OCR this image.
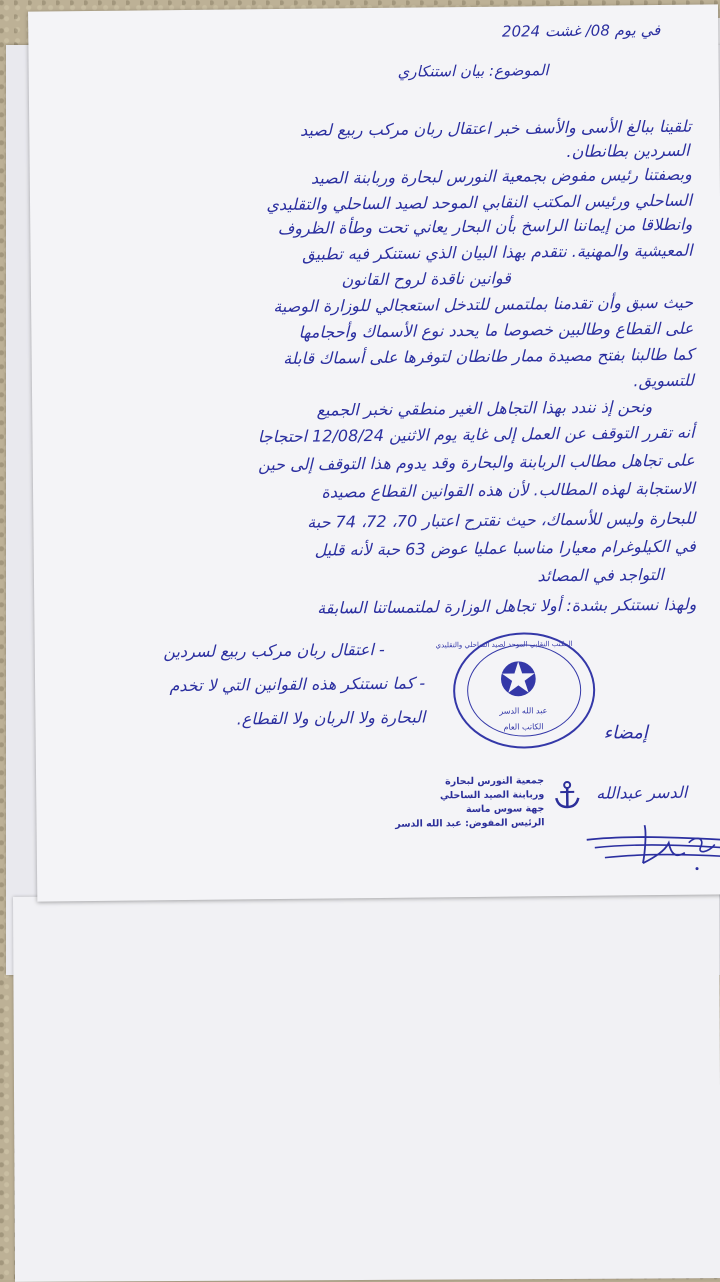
في يوم 08/ غشت 2024
الموضوع: بيان استنكاري
تلقينا ببالغ الأسى والأسف خبر اعتقال ربان مركب ربيع لصيد
السردين بطانطان.
وبصفتنا رئيس مفوض بجمعية النورس لبحارة وربابنة الصيد
الساحلي ورئيس المكتب النقابي الموحد لصيد الساحلي والتقليدي
وانطلاقا من إيماننا الراسخ بأن البحار يعاني تحت وطأة الظروف
المعيشية والمهنية. نتقدم بهذا البيان الذي نستنكر فيه تطبيق
قوانين ناقدة لروح القانون
حيث سبق وأن تقدمنا بملتمس للتدخل استعجالي للوزارة الوصية
على القطاع وطالبين خصوصا ما يحدد نوع الأسماك وأحجامها
كما طالبنا بفتح مصيدة ممار طانطان لتوفرها على أسماك قابلة
للتسويق.
ونحن إذ نندد بهذا التجاهل الغير منطقي نخبر الجميع
أنه تقرر التوقف عن العمل إلى غاية يوم الاثنين 12/08/24 احتجاجا
على تجاهل مطالب الربابنة والبحارة وقد يدوم هذا التوقف إلى حين
الاستجابة لهذه المطالب. لأن هذه القوانين القطاع مصيدة
للبحارة وليس للأسماك، حيث نقترح اعتبار 70، 72، 74 حبة
في الكيلوغرام معيارا مناسبا عمليا عوض 63 حبة لأنه قليل
التواجد في المصائد
ولهذا نستنكر بشدة: أولا تجاهل الوزارة لملتمساتنا السابقة
- اعتقال ربان مركب ربيع لسردين
- كما نستنكر هذه القوانين التي لا تخدم
البحارة ولا الربان ولا القطاع.
✪
المكتب النقابي الموحد لصيد الساحلي والتقليدي
عبد الله الدسر
الكاتب العام	إمضاء
جمعية النورس لبحارة
وربابنة الصيد الساحلي
جهة سوس ماسة
الرئيس المفوض: عبد الله الدسر
الدسر عبدالله
